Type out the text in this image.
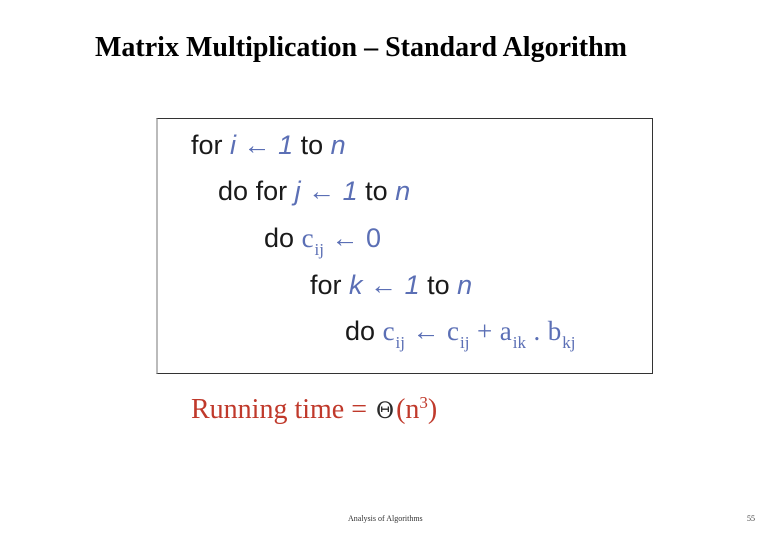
Matrix Multiplication – Standard Algorithm
for i ← 1 to n
do for j ← 1 to n
do $c_{ij}$ ← 0
for k ← 1 to n
do $c_{ij}$ ← $c_{ij} + a_{ik}$ . $b_{kj}$
Running time = $\Theta(n^3)$
Analysis of Algorithms	55
